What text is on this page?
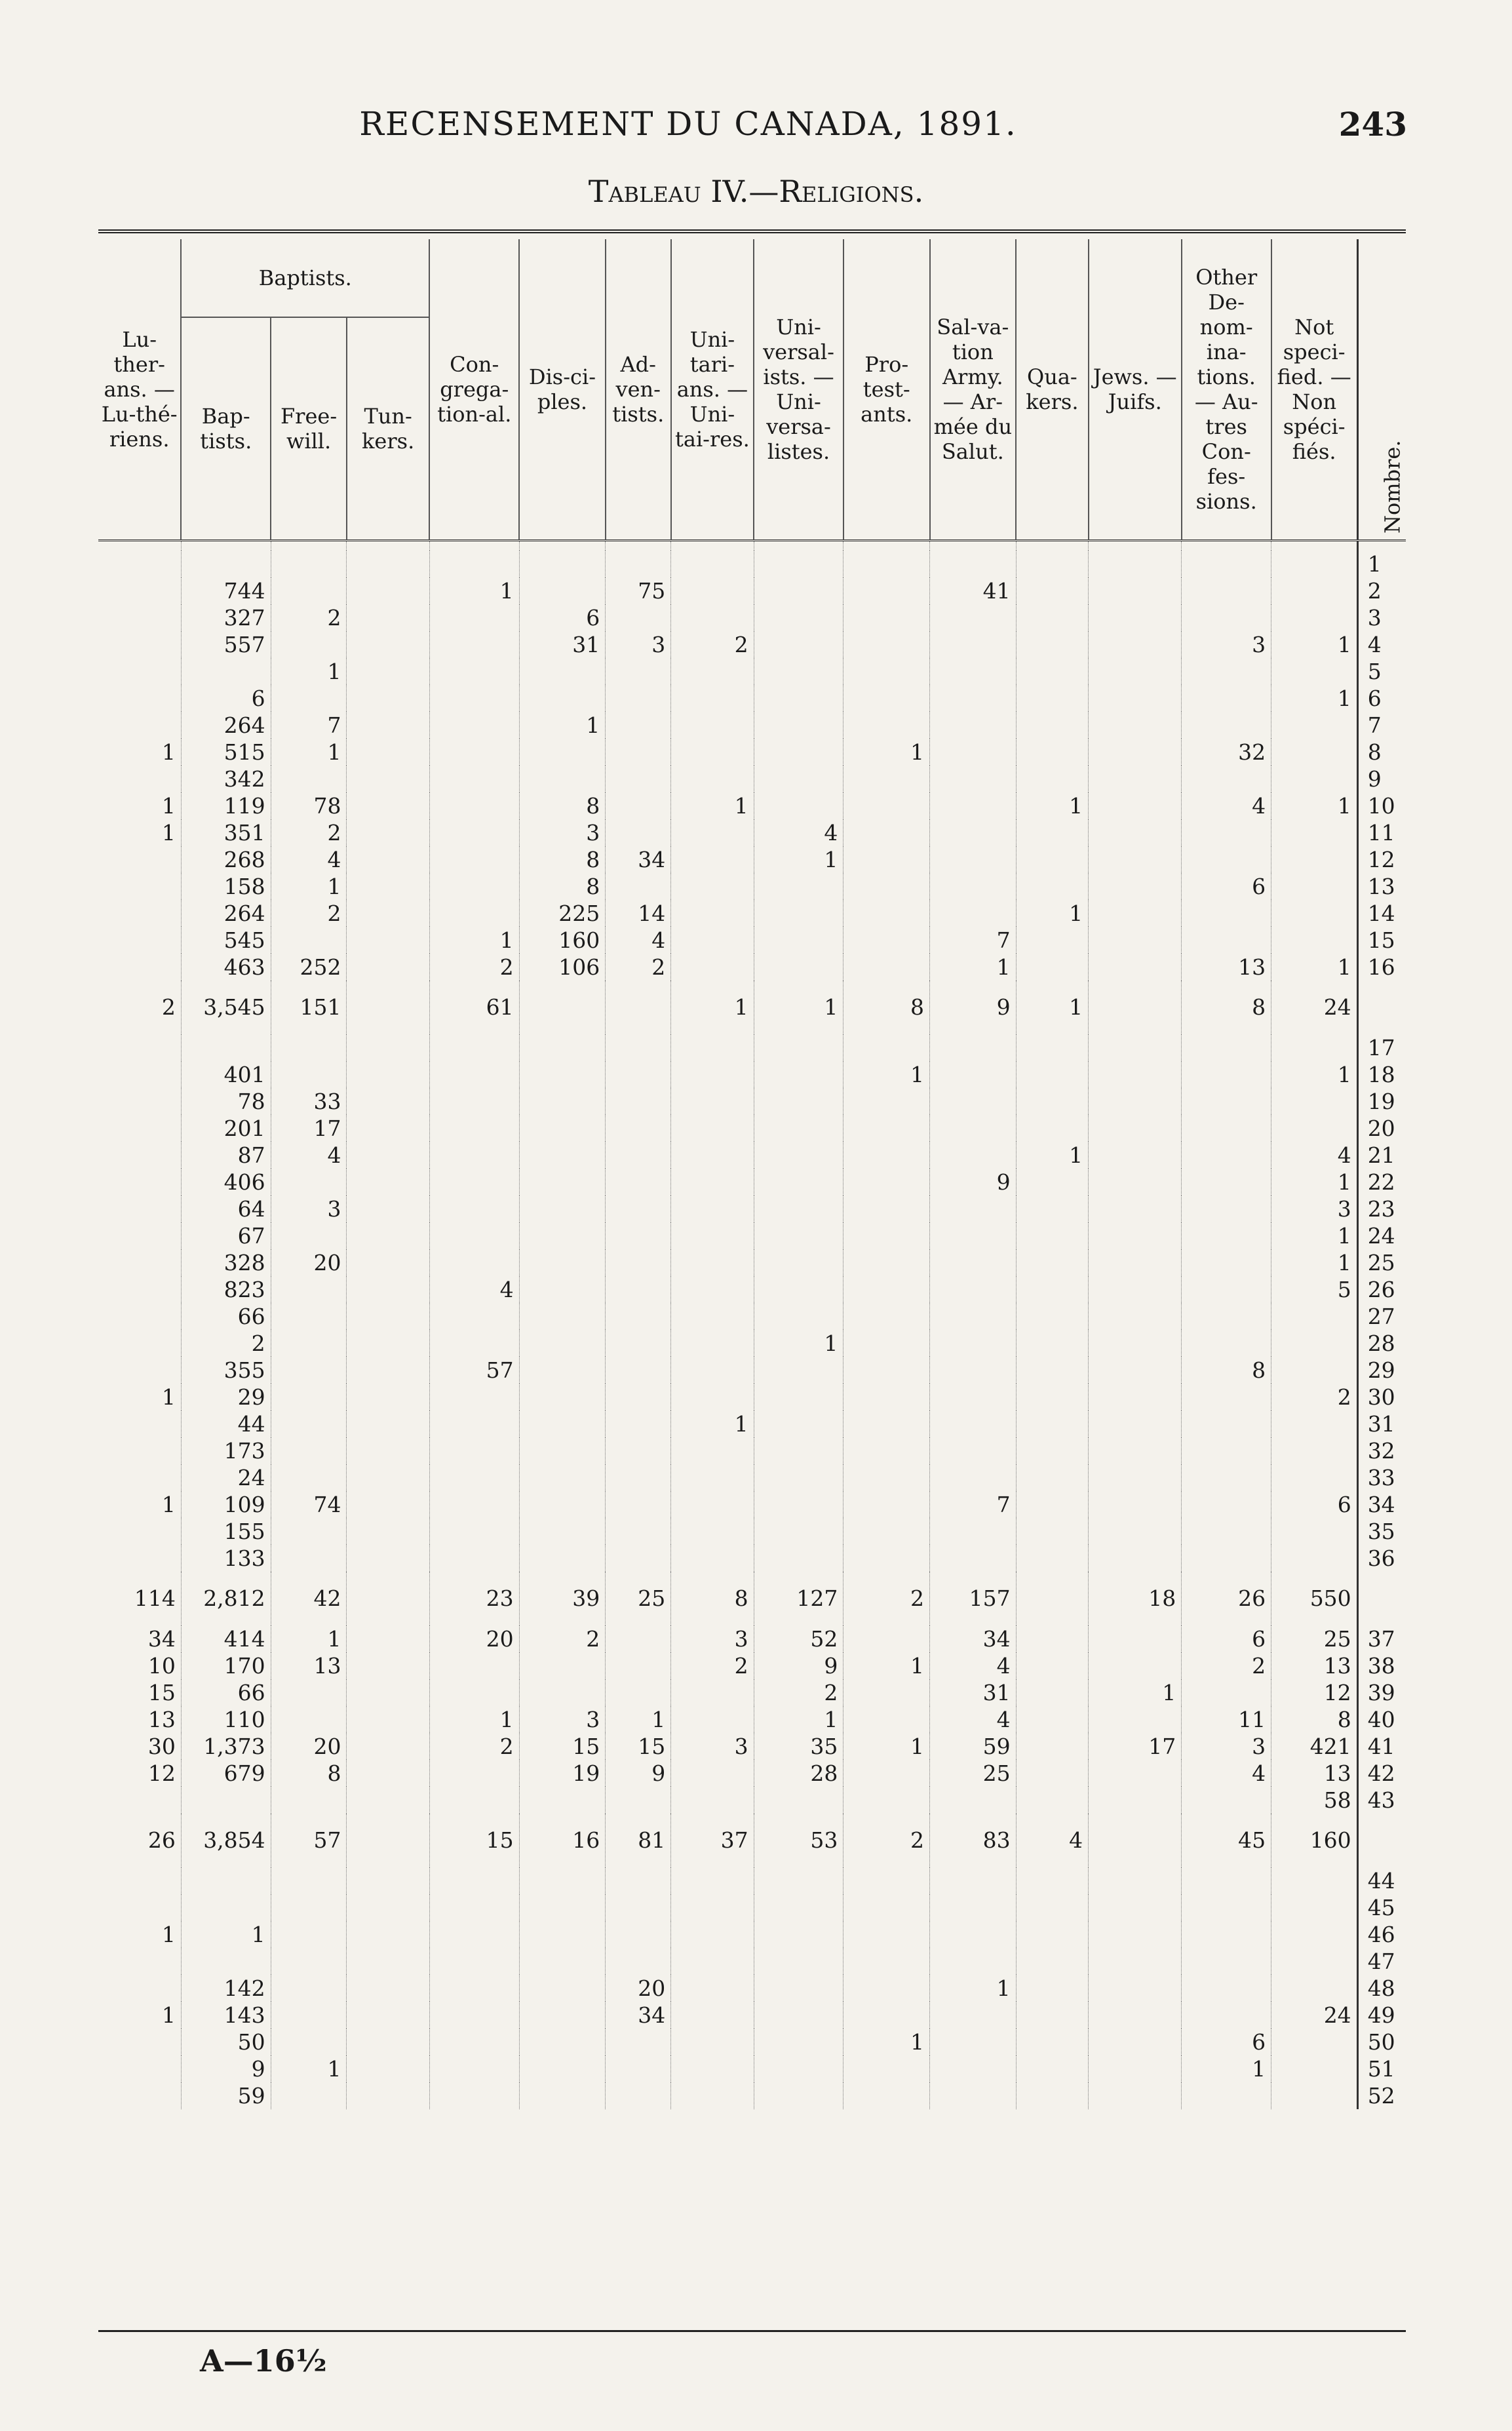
RECENSEMENT DU CANADA, 1891.	243
Tableau IV.—Religions.
Lu-ther-ans. — Lu-thé-riens.	Baptists.			Con-grega-tion-al.	Dis-ci-ples.	Ad-ven-tists.	Uni-tari-ans. — Uni-tai-res.	Uni-versal-ists. — Uni-versa-listes.	Pro-test-ants.	Sal-va-tion Army. — Ar-mée du Salut.	Qua-kers.	Jews. — Juifs.	Other De-nom-ina-tions. — Au-tres Con-fes-sions.	Not speci-fied. — Non spéci-fiés.	Nombre.
	Bap-tists.	Free-will.	Tun-kers.												

															1
	744			1		75				41					2
	327	2			6										3
	557				31	3	2						3	1	4
		1													5
	6													1	6
	264	7			1										7
1	515	1							1				32		8
	342														9
1	119	78			8		1				1		4	1	10
1	351	2			3			4							11
	268	4			8	34		1							12
	158	1			8								6		13
	264	2			225	14					1				14
	545			1	160	4				7					15
	463	252		2	106	2				1			13	1	16
2	3,545	151		61			1	1	8	9	1		8	24	
															17
	401								1					1	18
	78	33													19
	201	17													20
	87	4									1			4	21
	406									9				1	22
	64	3												3	23
	67													1	24
	328	20												1	25
	823			4										5	26
	66														27
	2							1							28
	355			57									8		29
1	29													2	30
	44						1								31
	173														32
	24														33
1	109	74								7				6	34
	155														35
	133														36
114	2,812	42		23	39	25	8	127	2	157		18	26	550	
34	414	1		20	2		3	52		34			6	25	37
10	170	13					2	9	1	4			2	13	38
15	66							2		31		1		12	39
13	110			1	3	1		1		4			11	8	40
30	1,373	20		2	15	15	3	35	1	59		17	3	421	41
12	679	8			19	9		28		25			4	13	42
														58	43
26	3,854	57		15	16	81	37	53	2	83	4		45	160	
															44
															45
1	1														46
															47
	142					20				1					48
1	143					34								24	49
	50								1				6		50
	9	1											1		51
	59														52
A—16½
